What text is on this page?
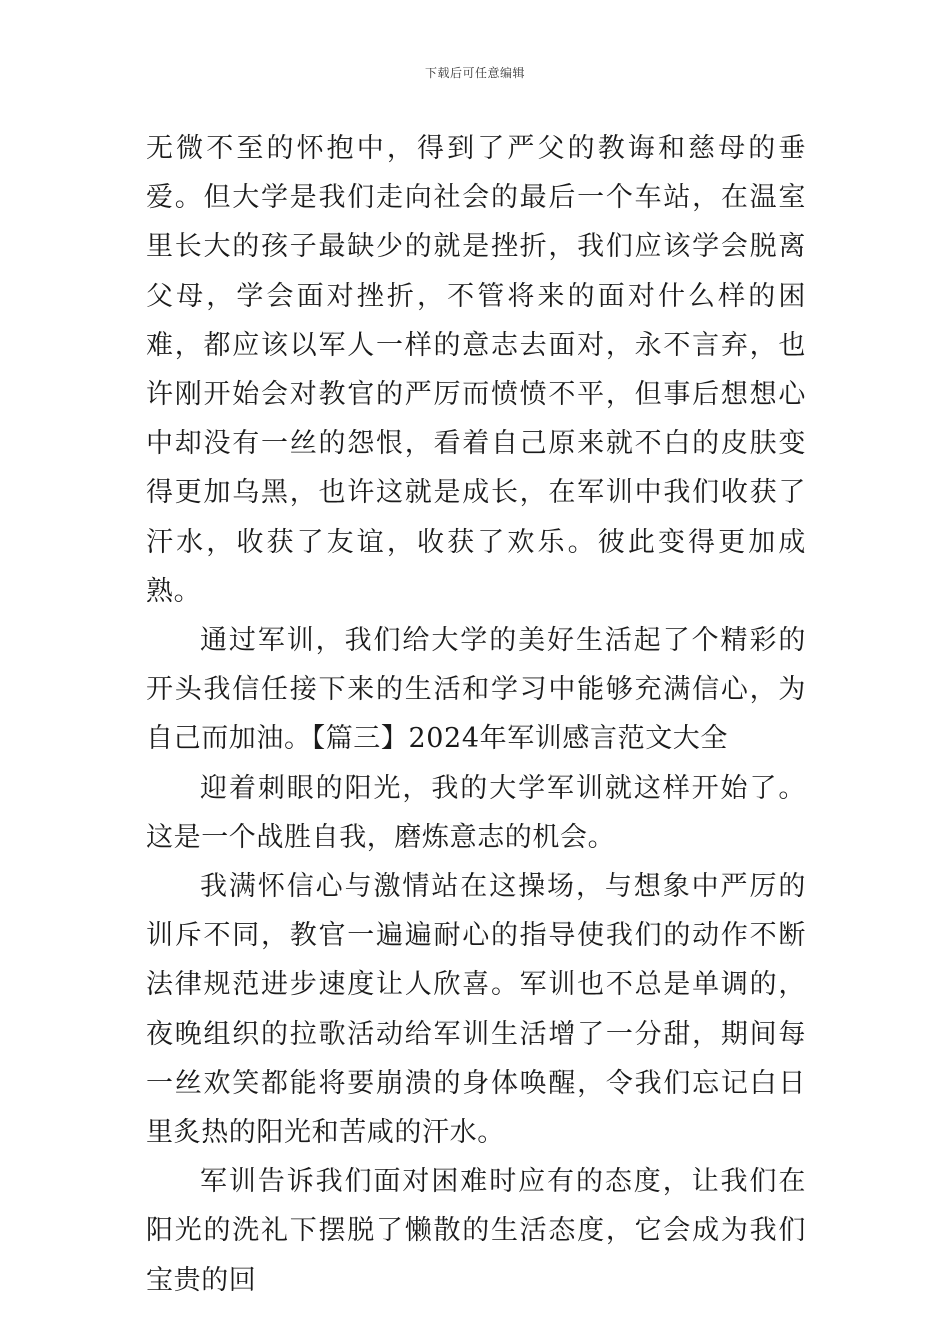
下载后可任意编辑

无微不至的怀抱中，得到了严父的教诲和慈母的垂爱。但大学是我们走向社会的最后一个车站，在温室里长大的孩子最缺少的就是挫折，我们应该学会脱离父母，学会面对挫折，不管将来的面对什么样的困难，都应该以军人一样的意志去面对，永不言弃，也许刚开始会对教官的严厉而愤愤不平，但事后想想心中却没有一丝的怨恨，看着自己原来就不白的皮肤变得更加乌黑，也许这就是成长，在军训中我们收获了汗水，收获了友谊，收获了欢乐。彼此变得更加成熟。

通过军训，我们给大学的美好生活起了个精彩的开头我信任接下来的生活和学习中能够充满信心，为自己而加油。【篇三】2024年军训感言范文大全

迎着刺眼的阳光，我的大学军训就这样开始了。这是一个战胜自我，磨炼意志的机会。

我满怀信心与激情站在这操场，与想象中严厉的训斥不同，教官一遍遍耐心的指导使我们的动作不断法律规范进步速度让人欣喜。军训也不总是单调的，夜晚组织的拉歌活动给军训生活增了一分甜，期间每一丝欢笑都能将要崩溃的身体唤醒，令我们忘记白日里炙热的阳光和苦咸的汗水。

军训告诉我们面对困难时应有的态度，让我们在阳光的洗礼下摆脱了懒散的生活态度，它会成为我们宝贵的回
